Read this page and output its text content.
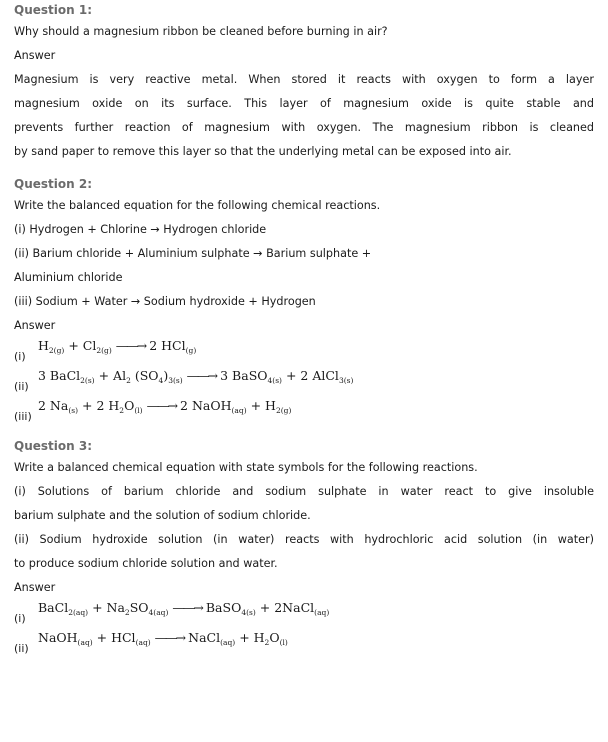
Question 1:
Why should a magnesium ribbon be cleaned before burning in air?
Answer
Magnesium is very reactive metal. When stored it reacts with oxygen to form a layer
magnesium oxide on its surface. This layer of magnesium oxide is quite stable and
prevents further reaction of magnesium with oxygen. The magnesium ribbon is cleaned
by sand paper to remove this layer so that the underlying metal can be exposed into air.
Question 2:
Write the balanced equation for the following chemical reactions.
(i) Hydrogen + Chlorine → Hydrogen chloride
(ii) Barium chloride + Aluminium sulphate → Barium sulphate +
Aluminium chloride
(iii) Sodium + Water → Sodium hydroxide + Hydrogen
Answer
(i)
$H_{2(g)} + Cl_{2(g)}$ ——→ 2 HCl$_{(g)}$
(ii)
3 BaCl$_{2(s)}$ + $Al_2$ $(SO_4)_{3(s)}$ ——→ 3 BaSO$_{4(s)}$ + 2 AlCl$_{3(s)}$
(iii)
2 $Na_{(s)} + 2$ $H_2O_{(l)}$ ——→ 2 NaOH$_{(aq)}$ + $H_{2(g)}$
Question 3:
Write a balanced chemical equation with state symbols for the following reactions.
(i) Solutions of barium chloride and sodium sulphate in water react to give insoluble
barium sulphate and the solution of sodium chloride.
(ii) Sodium hydroxide solution (in water) reacts with hydrochloric acid solution (in water)
to produce sodium chloride solution and water.
Answer
(i)
BaCl$_{2(aq)}$ + $Na_2SO_{4(aq)}$ ——→ BaSO$_{4(s)}$ + 2NaCl$_{(aq)}$
(ii)
NaOH$_{(aq)}$ + HCl$_{(aq)}$ ——→ NaCl$_{(aq)}$ + $H_2O_{(l)}$
